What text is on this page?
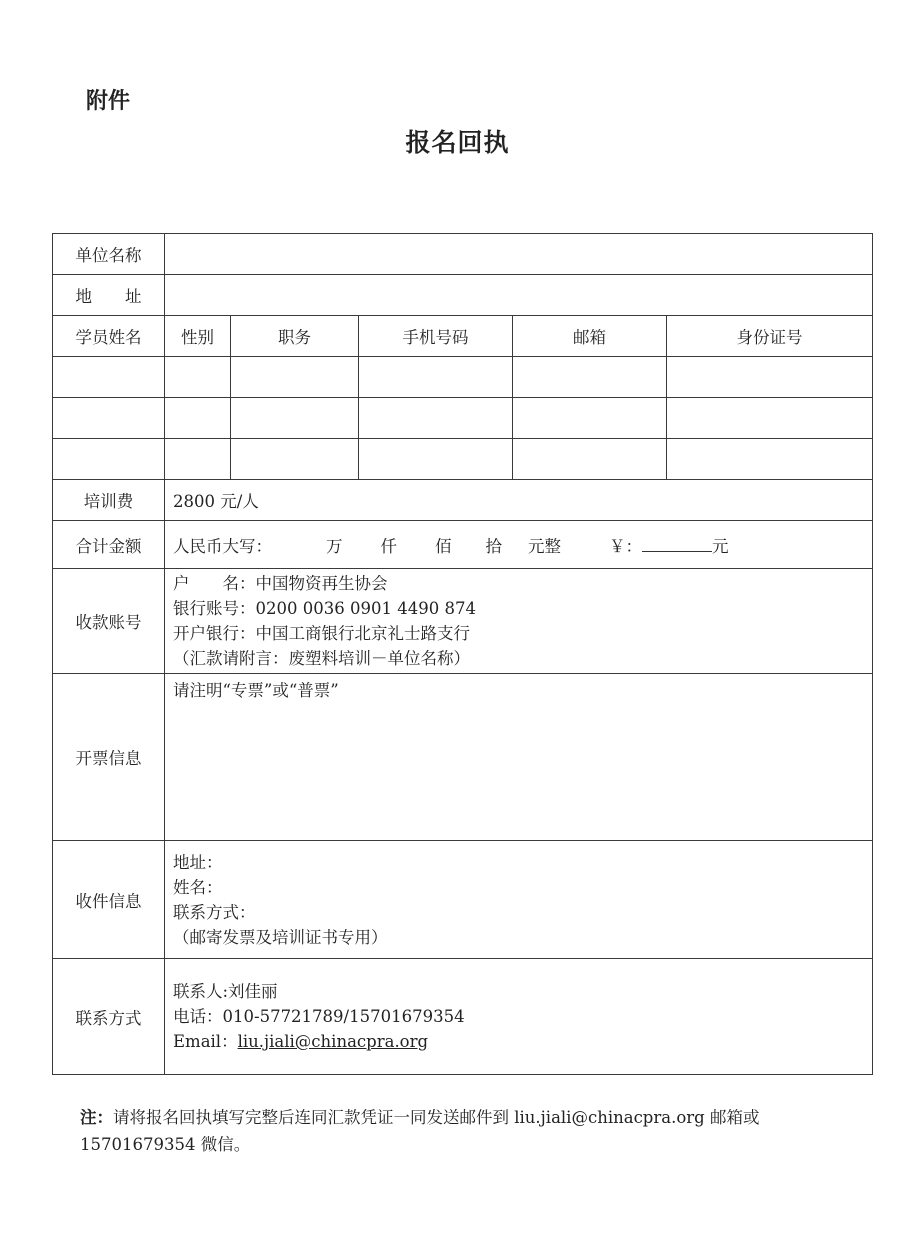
附件
报名回执
单位名称					
地　　址					
学员姓名	性别	职务	手机号码	邮箱	身份证号

培训费	2800 元/人				
合计金额	人民币大写： 万 仟 佰 拾 元整 ￥： 元				
收款账号	户　　名：中国物资再生协会
银行账号：0200 0036 0901 4490 874
开户银行：中国工商银行北京礼士路支行
（汇款请附言：废塑料培训－单位名称）				

开票信息	请注明“专票”或“普票”				

收件信息	地址：
姓名：
联系方式：
（邮寄发票及培训证书专用）				

联系方式	联系人:刘佳丽
电话：010-57721789/15701679354
Email：liu.jiali@chinacpra.org				
注：请将报名回执填写完整后连同汇款凭证一同发送邮件到 liu.jiali@chinacpra.org 邮箱或 15701679354 微信。
